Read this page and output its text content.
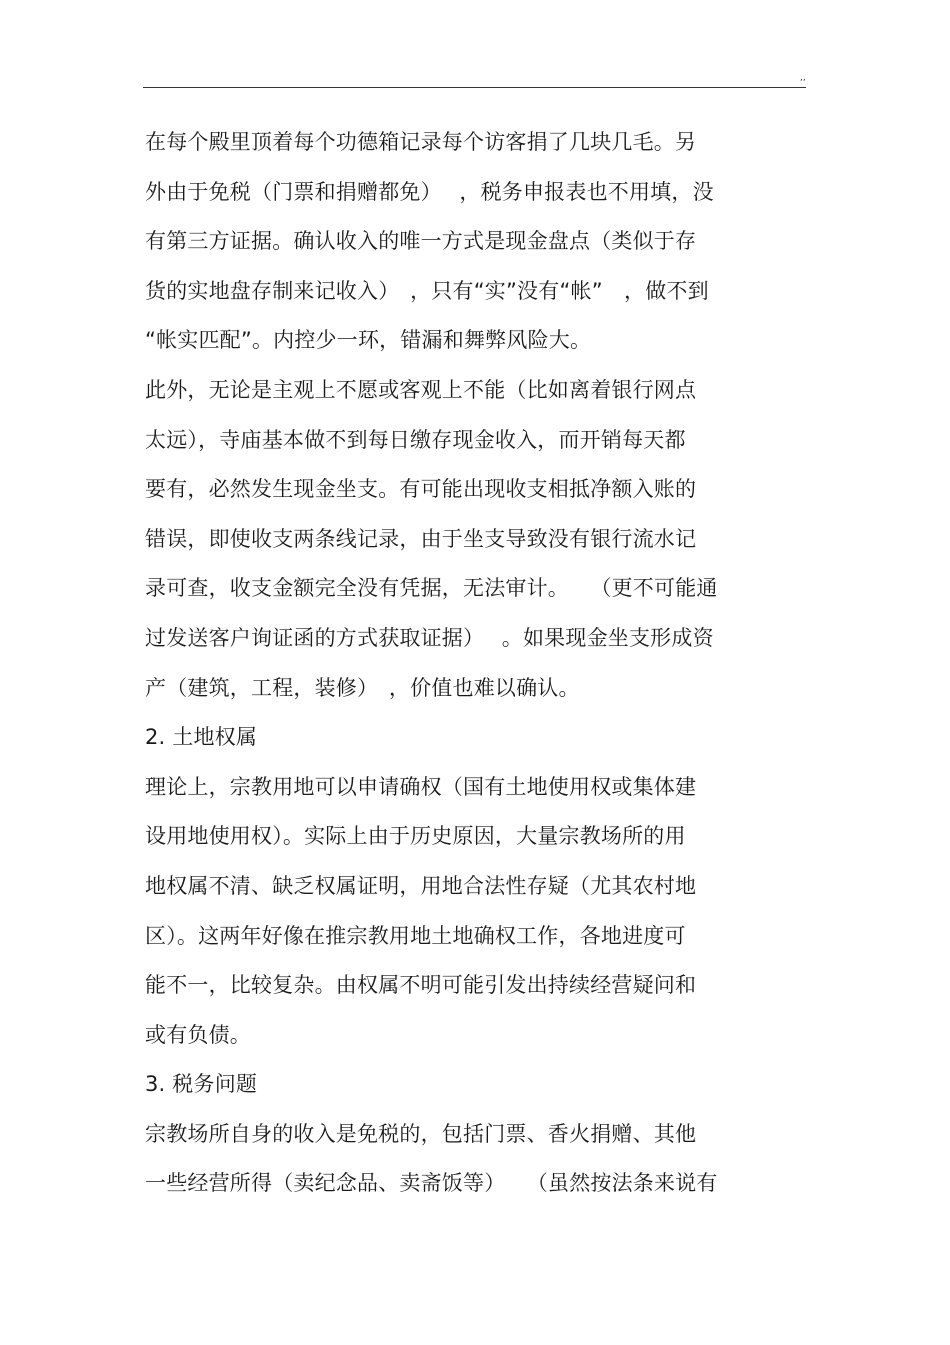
,,
在每个殿里顶着每个功德箱记录每个访客捐了几块几毛。另
外由于免税（门票和捐赠都免）　 ，税务申报表也不用填，没
有第三方证据。确认收入的唯一方式是现金盘点（类似于存
货的实地盘存制来记收入）　，只有“实”没有“帐”　，做不到
“帐实匹配”。内控少一环，错漏和舞弊风险大。
此外，无论是主观上不愿或客观上不能（比如离着银行网点
太远），寺庙基本做不到每日缴存现金收入，而开销每天都
要有，必然发生现金坐支。有可能出现收支相抵净额入账的
错误，即使收支两条线记录，由于坐支导致没有银行流水记
录可查，收支金额完全没有凭据，无法审计。　　（更不可能通
过发送客户询证函的方式获取证据）　 。如果现金坐支形成资
产（建筑，工程，装修）　，价值也难以确认。
2. 土地权属
理论上，宗教用地可以申请确权（国有土地使用权或集体建
设用地使用权）。实际上由于历史原因，大量宗教场所的用
地权属不清、缺乏权属证明，用地合法性存疑（尤其农村地
区）。这两年好像在推宗教用地土地确权工作，各地进度可
能不一，比较复杂。由权属不明可能引发出持续经营疑问和
或有负债。
3. 税务问题
宗教场所自身的收入是免税的，包括门票、香火捐赠、其他
一些经营所得（卖纪念品、卖斋饭等）　　（虽然按法条来说有
